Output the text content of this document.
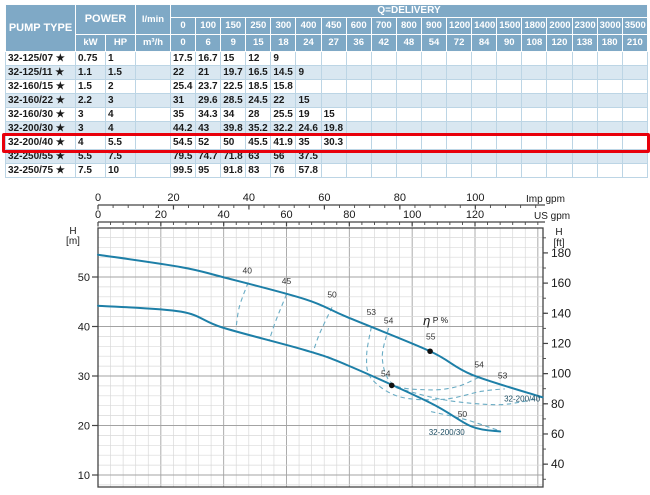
PUMP TYPE	POWER		l/min	Q=DELIVERY																		
				0	100	150	250	300	400	450	600	700	800	900	1200	1400	1500	1800	2000	2300	3000	3500
	kW	HP	m³/h	0	6	9	15	18	24	27	36	42	48	54	72	84	90	108	120	138	180	210
32-125/07 ★	0.75	1		17.5	16.7	15	12	9														
32-125/11 ★	1.1	1.5		22	21	19.7	16.5	14.5	9													
32-160/15 ★	1.5	2		25.4	23.7	22.5	18.5	15.8														
32-160/22 ★	2.2	3		31	29.6	28.5	24.5	22	15													
32-160/30 ★	3	4		35	34.3	34	28	25.5	19	15												
32-200/30 ★	3	4		44.2	43	39.8	35.2	32.2	24.6	19.8												
32-200/40 ★	4	5.5		54.5	52	50	45.5	41.9	35	30.3												
32-250/55 ★	5.5	7.5		79.5	74.7	71.8	63	56	37.5													
32-250/75 ★	7.5	10		99.5	95	91.8	83	76	57.8													
0	20	40	60	80	100	Imp gpm
0	20	40	60	80	100	120	US gpm
50
40
30
20
10
H
[m]
180
160
140
120
100
80
60
40
H
[ft]
40
45
50
53
54
55
54
54
53
50
32-200/40
32-200/30
η P %
